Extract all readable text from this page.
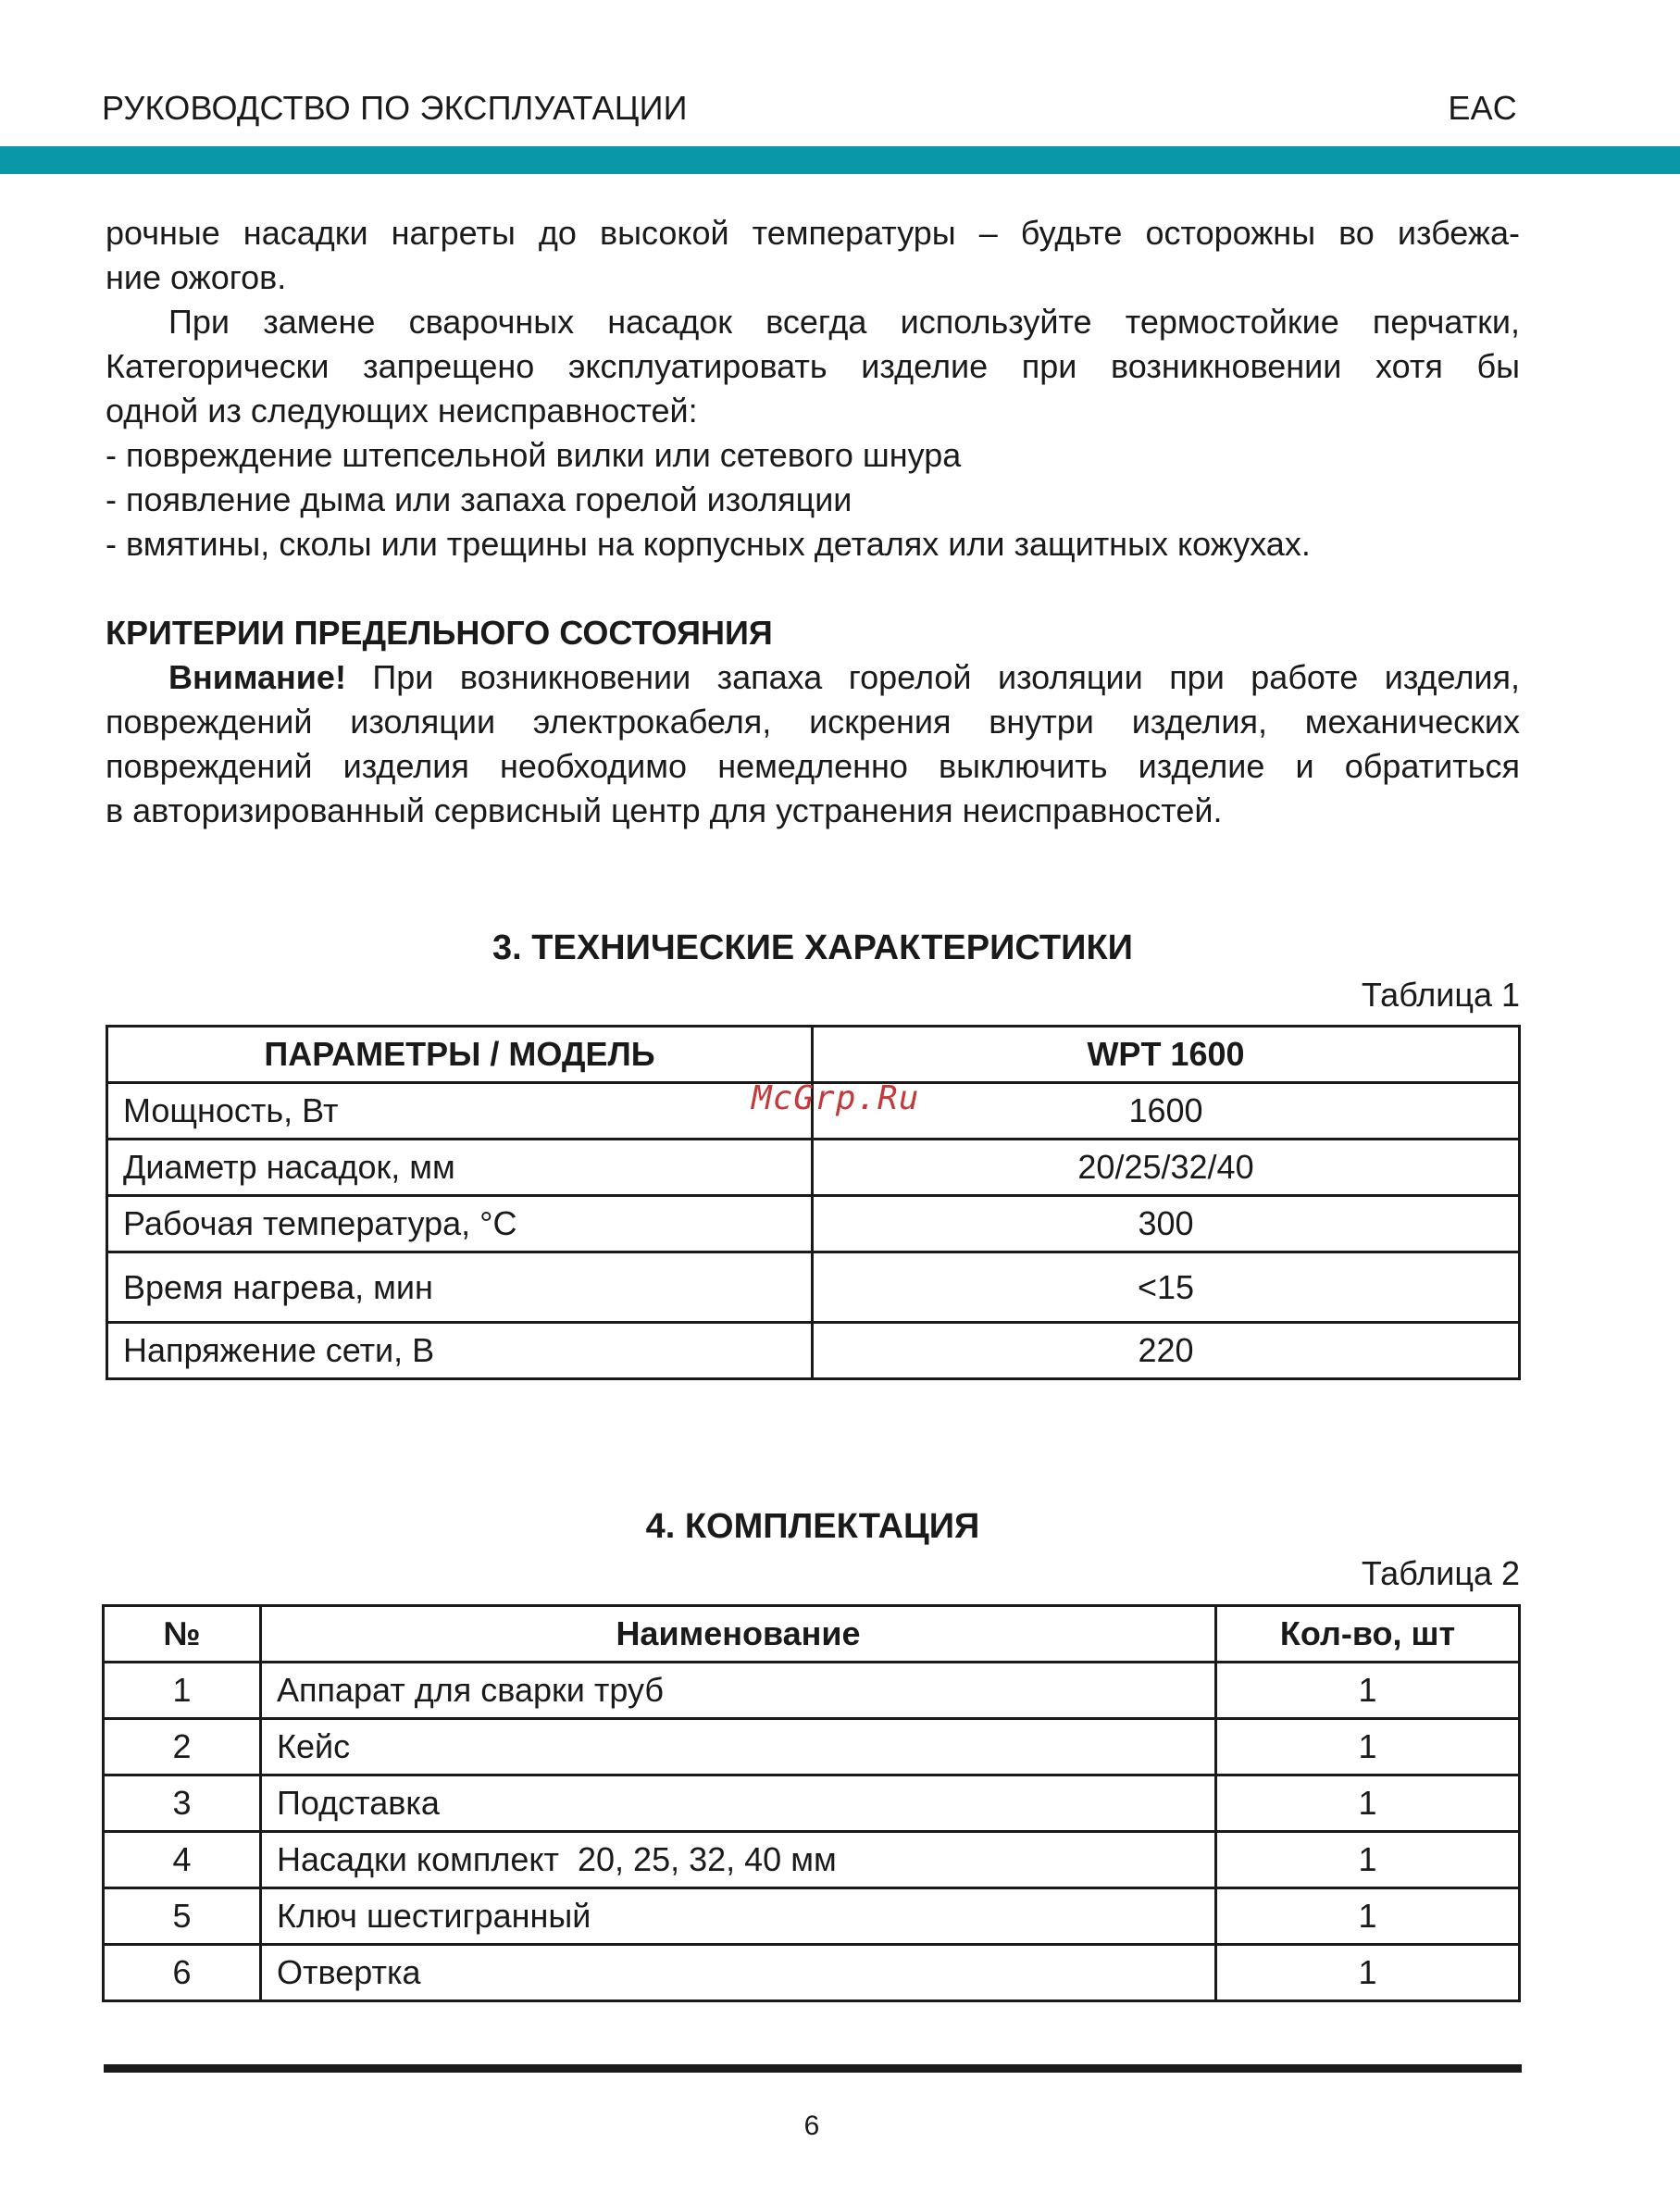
РУКОВОДСТВО ПО ЭКСПЛУАТАЦИИ	EAC

рочные насадки нагреты до высокой температуры – будьте осторожны во избежа-

ние ожогов.

При замене сварочных насадок всегда используйте термостойкие перчатки,

Категорически запрещено эксплуатировать изделие при возникновении хотя бы

одной из следующих неисправностей:

- повреждение штепсельной вилки или сетевого шнура

- появление дыма или запаха горелой изоляции

- вмятины, сколы или трещины на корпусных деталях или защитных кожухах.

КРИТЕРИИ ПРЕДЕЛЬНОГО СОСТОЯНИЯ

Внимание! При возникновении запаха горелой изоляции при работе изделия,

повреждений изоляции электрокабеля, искрения внутри изделия, механических

повреждений изделия необходимо немедленно выключить изделие и обратиться

в авторизированный сервисный центр для устранения неисправностей.

3. ТЕХНИЧЕСКИЕ ХАРАКТЕРИСТИКИ
Таблица 1
ПАРАМЕТРЫ / МОДЕЛЬ	WPT 1600
Мощность, Вт	1600
Диаметр насадок, мм	20/25/32/40
Рабочая температура, °С	300
Время нагрева, мин	<15
Напряжение сети, В	220
4. КОМПЛЕКТАЦИЯ
Таблица 2
№	Наименование	Кол-во, шт
1	Аппарат для сварки труб	1
2	Кейс	1
3	Подставка	1
4	Насадки комплект  20, 25, 32, 40 мм	1
5	Ключ шестигранный	1
6	Отвертка	1
McGrp.Ru
6
